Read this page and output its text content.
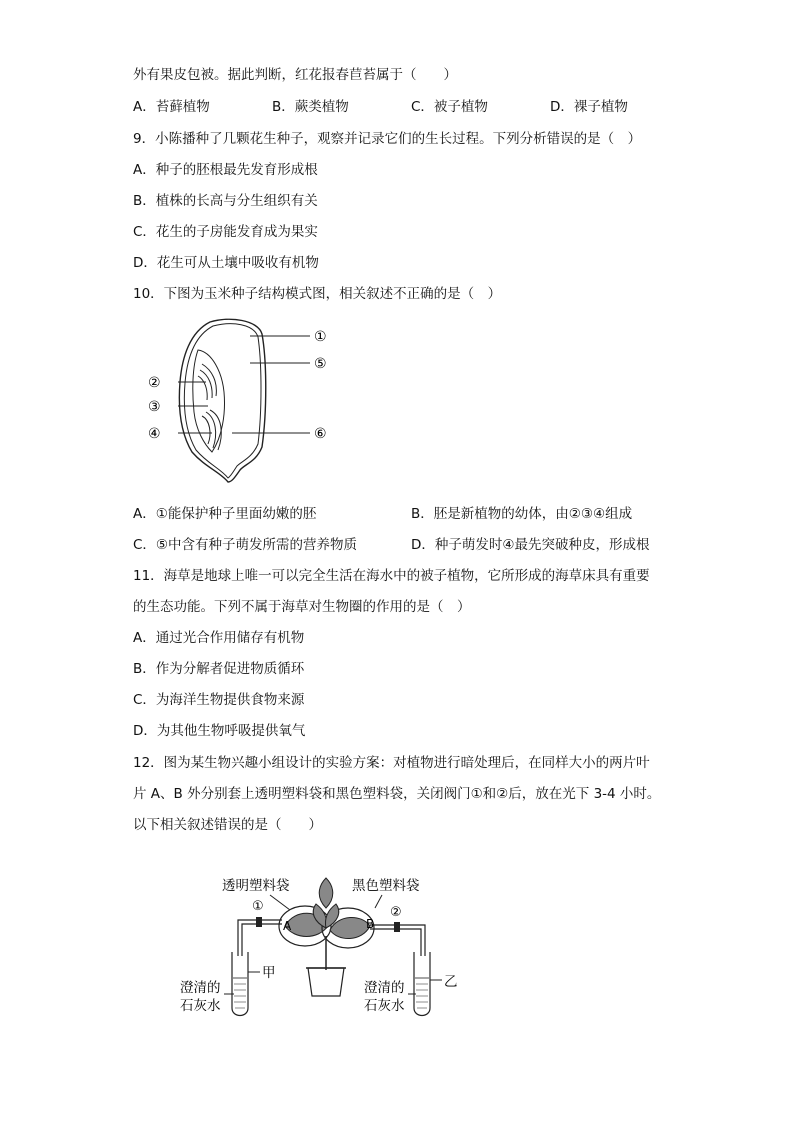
外有果皮包被。据此判断，红花报春苣苔属于（　　）
A．苔藓植物	B．蕨类植物	C．被子植物	D．裸子植物
9．小陈播种了几颗花生种子，观察并记录它们的生长过程。下列分析错误的是（　）
A．种子的胚根最先发育形成根
B．植株的长高与分生组织有关
C．花生的子房能发育成为果实
D．花生可从土壤中吸收有机物
10．下图为玉米种子结构模式图，相关叙述不正确的是（　）
①
⑤
②
③
④	⑥
A．①能保护种子里面幼嫩的胚	B．胚是新植物的幼体，由②③④组成
C．⑤中含有种子萌发所需的营养物质	D．种子萌发时④最先突破种皮，形成根
11．海草是地球上唯一可以完全生活在海水中的被子植物，它所形成的海草床具有重要
的生态功能。下列不属于海草对生物圈的作用的是（　）
A．通过光合作用储存有机物
B．作为分解者促进物质循环
C．为海洋生物提供食物来源
D．为其他生物呼吸提供氧气
12．图为某生物兴趣小组设计的实验方案：对植物进行暗处理后，在同样大小的两片叶
片 A、B 外分别套上透明塑料袋和黑色塑料袋，关闭阀门①和②后，放在光下 3-4 小时。
以下相关叙述错误的是（　　）
透明塑料袋	黑色塑料袋
①	②
A	B
甲
澄清的
石灰水
乙
澄清的
石灰水
